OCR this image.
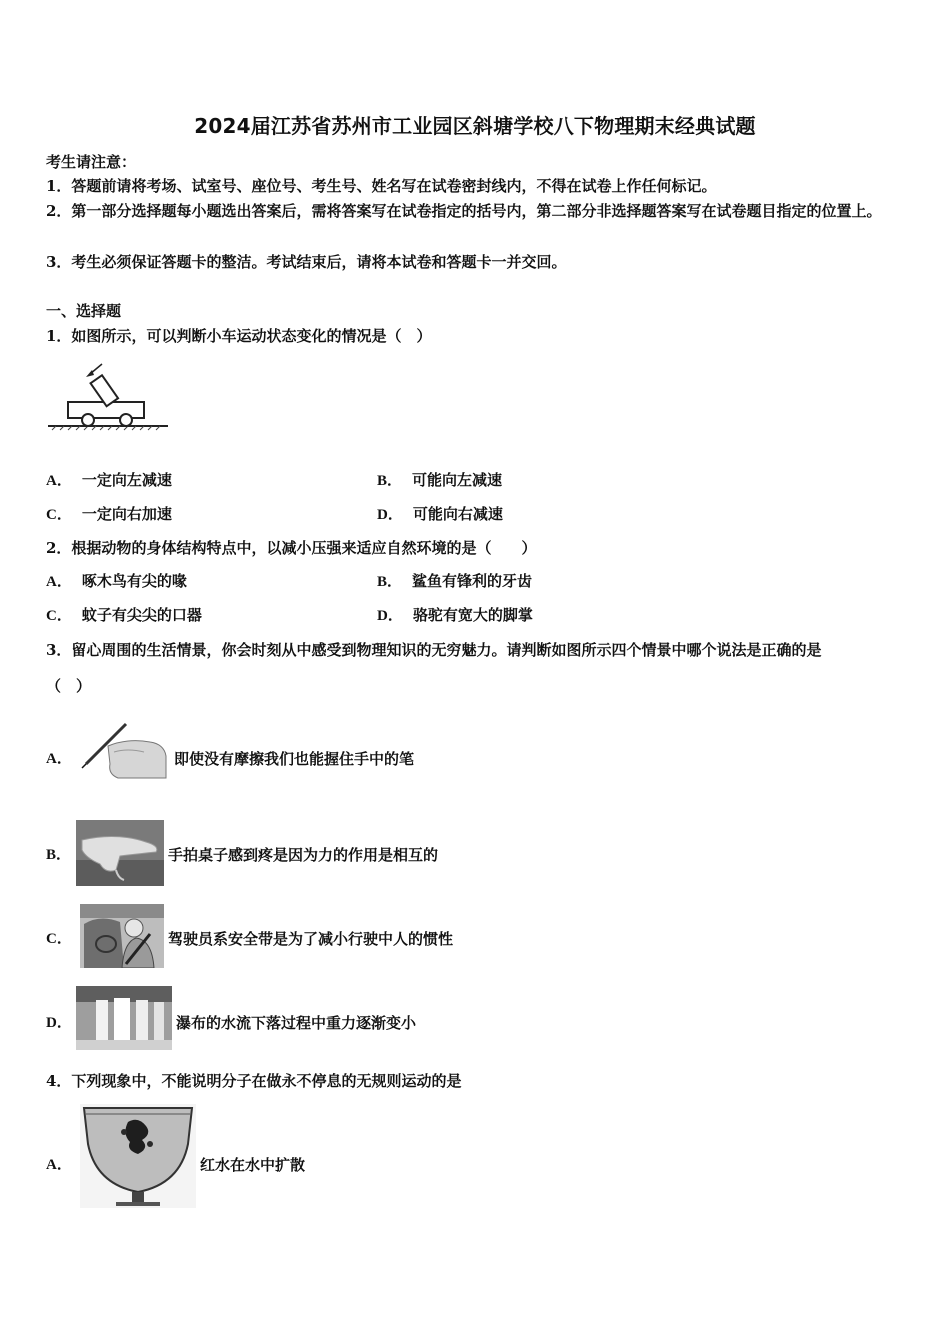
2024届江苏省苏州市工业园区斜塘学校八下物理期末经典试题
考生请注意：
1．答题前请将考场、试室号、座位号、考生号、姓名写在试卷密封线内，不得在试卷上作任何标记。
2．第一部分选择题每小题选出答案后，需将答案写在试卷指定的括号内，第二部分非选择题答案写在试卷题目指定的位置上。
3．考生必须保证答题卡的整洁。考试结束后，请将本试卷和答题卡一并交回。
一、选择题
1．如图所示，可以判断小车运动状态变化的情况是（　）
A． 一定向左减速	B． 可能向左减速
C． 一定向右加速	D． 可能向右减速
2．根据动物的身体结构特点中，以减小压强来适应自然环境的是（　　）
A． 啄木鸟有尖的喙	B． 鲨鱼有锋利的牙齿
C． 蚊子有尖尖的口器	D． 骆驼有宽大的脚掌
3．留心周围的生活情景，你会时刻从中感受到物理知识的无穷魅力。请判断如图所示四个情景中哪个说法是正确的是
（　）
A．	即使没有摩擦我们也能握住手中的笔
B．	手拍桌子感到疼是因为力的作用是相互的
C．	驾驶员系安全带是为了减小行驶中人的惯性
D．	瀑布的水流下落过程中重力逐渐变小
4．下列现象中，不能说明分子在做永不停息的无规则运动的是
A．	红水在水中扩散
